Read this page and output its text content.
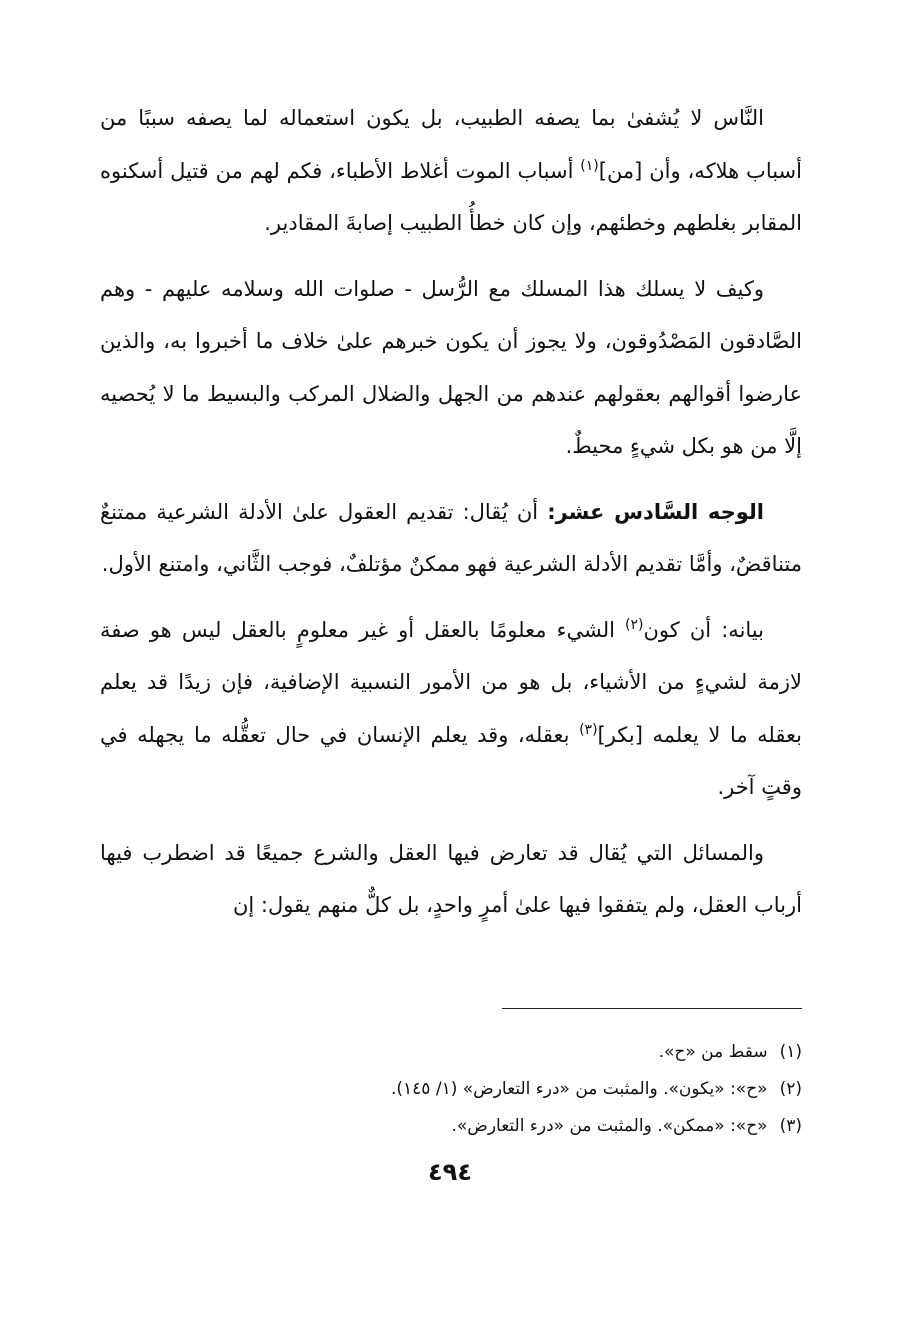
النَّاس لا يُشفىٰ بما يصفه الطبيب، بل يكون استعماله لما يصفه سببًا من أسباب هلاكه، وأن [من]$^{(١)}$ أسباب الموت أغلاط الأطباء، فكم لهم من قتيل أسكنوه المقابر بغلطهم وخطئهم، وإن كان خطأُ الطبيب إصابةَ المقادير.

وكيف لا يسلك هذا المسلك مع الرُّسل - صلوات الله وسلامه عليهم - وهم الصَّادقون المَصْدُوقون، ولا يجوز أن يكون خبرهم علىٰ خلاف ما أخبروا به، والذين عارضوا أقوالهم بعقولهم عندهم من الجهل والضلال المركب والبسيط ما لا يُحصيه إلَّا من هو بكل شيءٍ محيطٌ.

الوجه السَّادس عشر: أن يُقال: تقديم العقول علىٰ الأدلة الشرعية ممتنعٌ متناقضٌ، وأمَّا تقديم الأدلة الشرعية فهو ممكنٌ مؤتلفٌ، فوجب الثَّاني، وامتنع الأول.

بيانه: أن كون$^{(٢)}$ الشيء معلومًا بالعقل أو غير معلومٍ بالعقل ليس هو صفة لازمة لشيءٍ من الأشياء، بل هو من الأمور النسبية الإضافية، فإن زيدًا قد يعلم بعقله ما لا يعلمه [بكر]$^{(٣)}$ بعقله، وقد يعلم الإنسان في حال تعقُّله ما يجهله في وقتٍ آخر.

والمسائل التي يُقال قد تعارض فيها العقل والشرع جميعًا قد اضطرب فيها أرباب العقل، ولم يتفقوا فيها علىٰ أمرٍ واحدٍ، بل كلٌّ منهم يقول: إن

(١)
سقط من «ح».
(٢)
«ح»: «يكون». والمثبت من «درء التعارض» (١/ ١٤٥).
(٣)
«ح»: «ممكن». والمثبت من «درء التعارض».
٤٩٤
